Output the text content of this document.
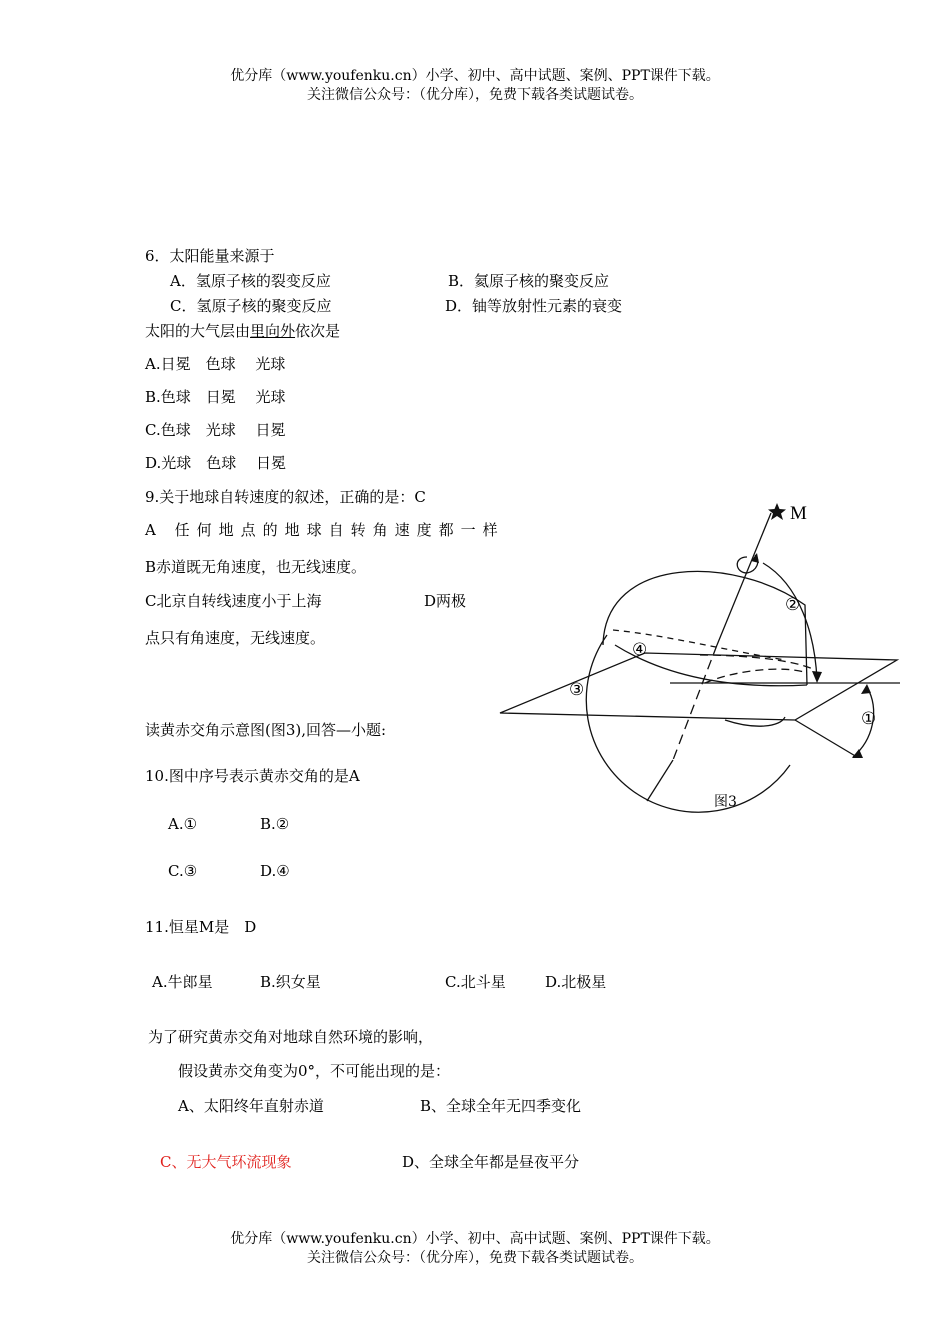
优分库（www.youfenku.cn）小学、初中、高中试题、案例、PPT课件下载。
关注微信公众号：（优分库），免费下载各类试题试卷。
6．太阳能量来源于
A．氢原子核的裂变反应	B．氦原子核的聚变反应
C．氢原子核的聚变反应	D．铀等放射性元素的衰变
太阳的大气层由里向外依次是
A.日冕　色球　 光球
B.色球　日冕　 光球
C.色球　光球　 日冕
D.光球　色球　 日冕
9.关于地球自转速度的叙述，正确的是：C
A 任何地点的地球自转角速度都一样
B赤道既无角速度，也无线速度。
C北京自转线速度小于上海	D两极
点只有角速度，无线速度。
读黄赤交角示意图(图3),回答—小题:
10.图中序号表示黄赤交角的是A
A.①	B.②
C.③	D.④
11.恒星M是　D
A.牛郎星	B.织女星	C.北斗星	D.北极星
为了研究黄赤交角对地球自然环境的影响，
假设黄赤交角变为0°，不可能出现的是：
A、太阳终年直射赤道	B、全球全年无四季变化
C、无大气环流现象	D、全球全年都是昼夜平分
M
①
②
③
④
图3
优分库（www.youfenku.cn）小学、初中、高中试题、案例、PPT课件下载。
关注微信公众号：（优分库），免费下载各类试题试卷。
